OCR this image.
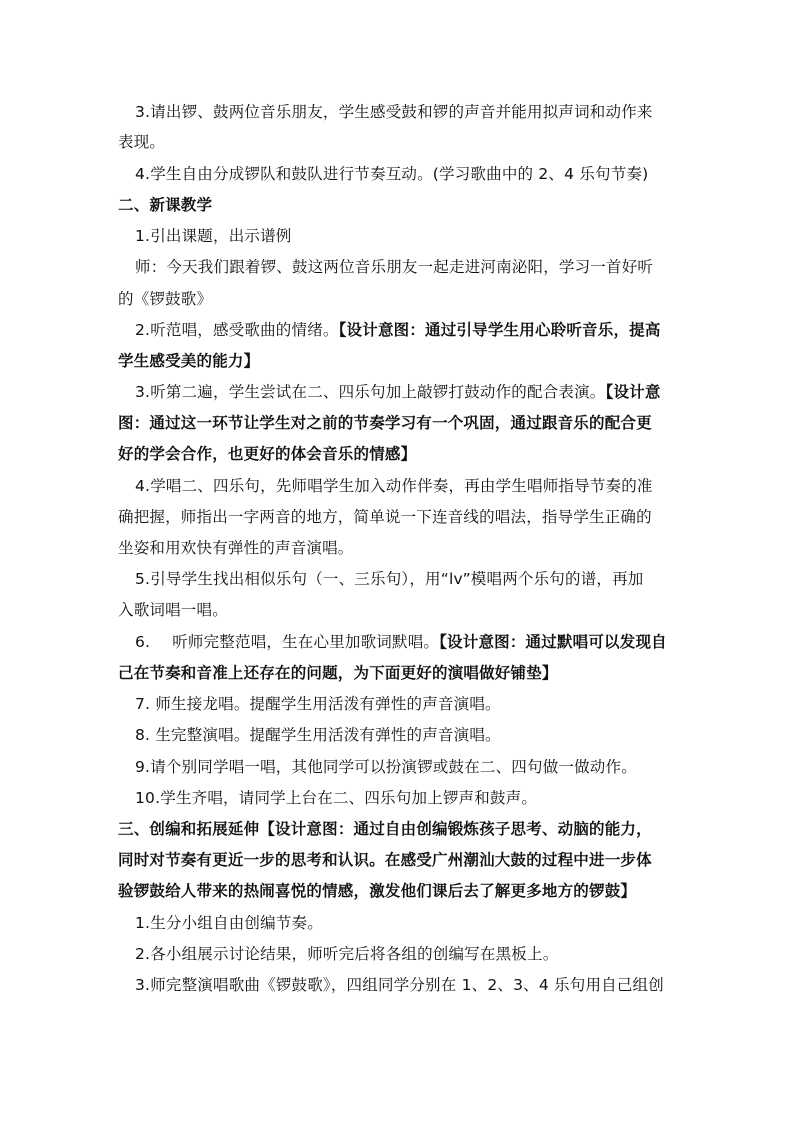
3.请出锣、鼓两位音乐朋友，学生感受鼓和锣的声音并能用拟声词和动作来
表现。
4.学生自由分成锣队和鼓队进行节奏互动。(学习歌曲中的 2、4 乐句节奏)
二、新课教学
1.引出课题，出示谱例
师：今天我们跟着锣、鼓这两位音乐朋友一起走进河南泌阳，学习一首好听
的《锣鼓歌》
2.听范唱，感受歌曲的情绪。【设计意图：通过引导学生用心聆听音乐，提高
学生感受美的能力】
3.听第二遍，学生尝试在二、四乐句加上敲锣打鼓动作的配合表演。【设计意
图：通过这一环节让学生对之前的节奏学习有一个巩固，通过跟音乐的配合更
好的学会合作，也更好的体会音乐的情感】
4.学唱二、四乐句，先师唱学生加入动作伴奏，再由学生唱师指导节奏的准
确把握，师指出一字两音的地方，简单说一下连音线的唱法，指导学生正确的
坐姿和用欢快有弹性的声音演唱。
5.引导学生找出相似乐句（一、三乐句），用“lv”模唱两个乐句的谱，再加
入歌词唱一唱。
6. 听师完整范唱，生在心里加歌词默唱。【设计意图：通过默唱可以发现自
己在节奏和音准上还存在的问题，为下面更好的演唱做好铺垫】
7. 师生接龙唱。提醒学生用活泼有弹性的声音演唱。
8. 生完整演唱。提醒学生用活泼有弹性的声音演唱。
9.请个别同学唱一唱，其他同学可以扮演锣或鼓在二、四句做一做动作。
10.学生齐唱，请同学上台在二、四乐句加上锣声和鼓声。
三、创编和拓展延伸【设计意图：通过自由创编锻炼孩子思考、动脑的能力，
同时对节奏有更近一步的思考和认识。在感受广州潮汕大鼓的过程中进一步体
验锣鼓给人带来的热闹喜悦的情感，激发他们课后去了解更多地方的锣鼓】
1.生分小组自由创编节奏。
2.各小组展示讨论结果，师听完后将各组的创编写在黑板上。
3.师完整演唱歌曲《锣鼓歌》，四组同学分别在 1、2、3、4 乐句用自己组创
